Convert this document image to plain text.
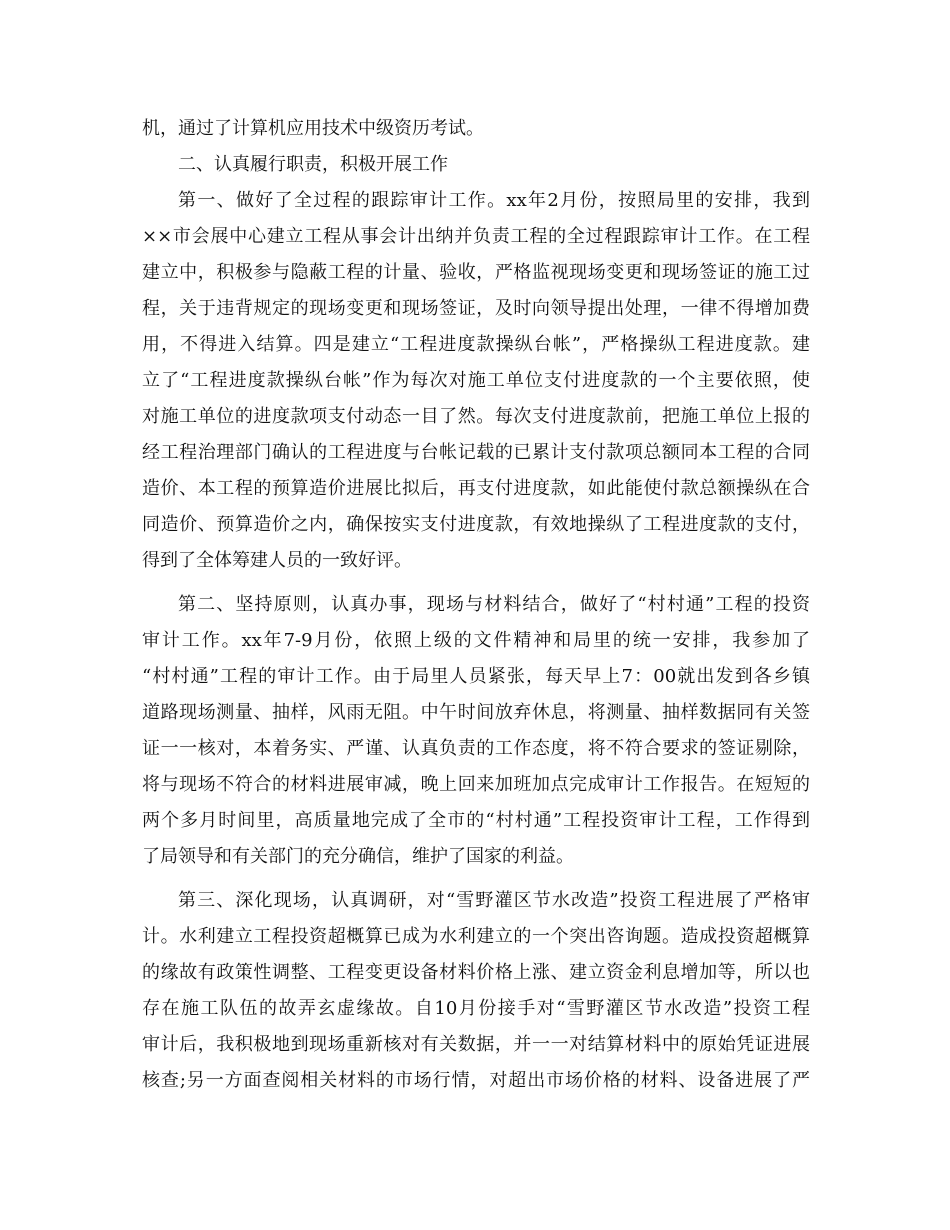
机，通过了计算机应用技术中级资历考试。
二、认真履行职责，积极开展工作
第一、做好了全过程的跟踪审计工作。xx年2月份，按照局里的安排，我到
××市会展中心建立工程从事会计出纳并负责工程的全过程跟踪审计工作。在工程
建立中，积极参与隐蔽工程的计量、验收，严格监视现场变更和现场签证的施工过
程，关于违背规定的现场变更和现场签证，及时向领导提出处理，一律不得增加费
用，不得进入结算。四是建立“工程进度款操纵台帐”，严格操纵工程进度款。建
立了“工程进度款操纵台帐”作为每次对施工单位支付进度款的一个主要依照，使
对施工单位的进度款项支付动态一目了然。每次支付进度款前，把施工单位上报的
经工程治理部门确认的工程进度与台帐记载的已累计支付款项总额同本工程的合同
造价、本工程的预算造价进展比拟后，再支付进度款，如此能使付款总额操纵在合
同造价、预算造价之内，确保按实支付进度款，有效地操纵了工程进度款的支付，
得到了全体筹建人员的一致好评。
第二、坚持原则，认真办事，现场与材料结合，做好了“村村通”工程的投资
审计工作。xx年7-9月份，依照上级的文件精神和局里的统一安排，我参加了
“村村通”工程的审计工作。由于局里人员紧张，每天早上7：00就出发到各乡镇
道路现场测量、抽样，风雨无阻。中午时间放弃休息，将测量、抽样数据同有关签
证一一核对，本着务实、严谨、认真负责的工作态度，将不符合要求的签证剔除，
将与现场不符合的材料进展审减，晚上回来加班加点完成审计工作报告。在短短的
两个多月时间里，高质量地完成了全市的“村村通”工程投资审计工程，工作得到
了局领导和有关部门的充分确信，维护了国家的利益。
第三、深化现场，认真调研，对“雪野灌区节水改造”投资工程进展了严格审
计。水利建立工程投资超概算已成为水利建立的一个突出咨询题。造成投资超概算
的缘故有政策性调整、工程变更设备材料价格上涨、建立资金利息增加等，所以也
存在施工队伍的故弄玄虚缘故。自10月份接手对“雪野灌区节水改造”投资工程
审计后，我积极地到现场重新核对有关数据，并一一对结算材料中的原始凭证进展
核查;另一方面查阅相关材料的市场行情，对超出市场价格的材料、设备进展了严
